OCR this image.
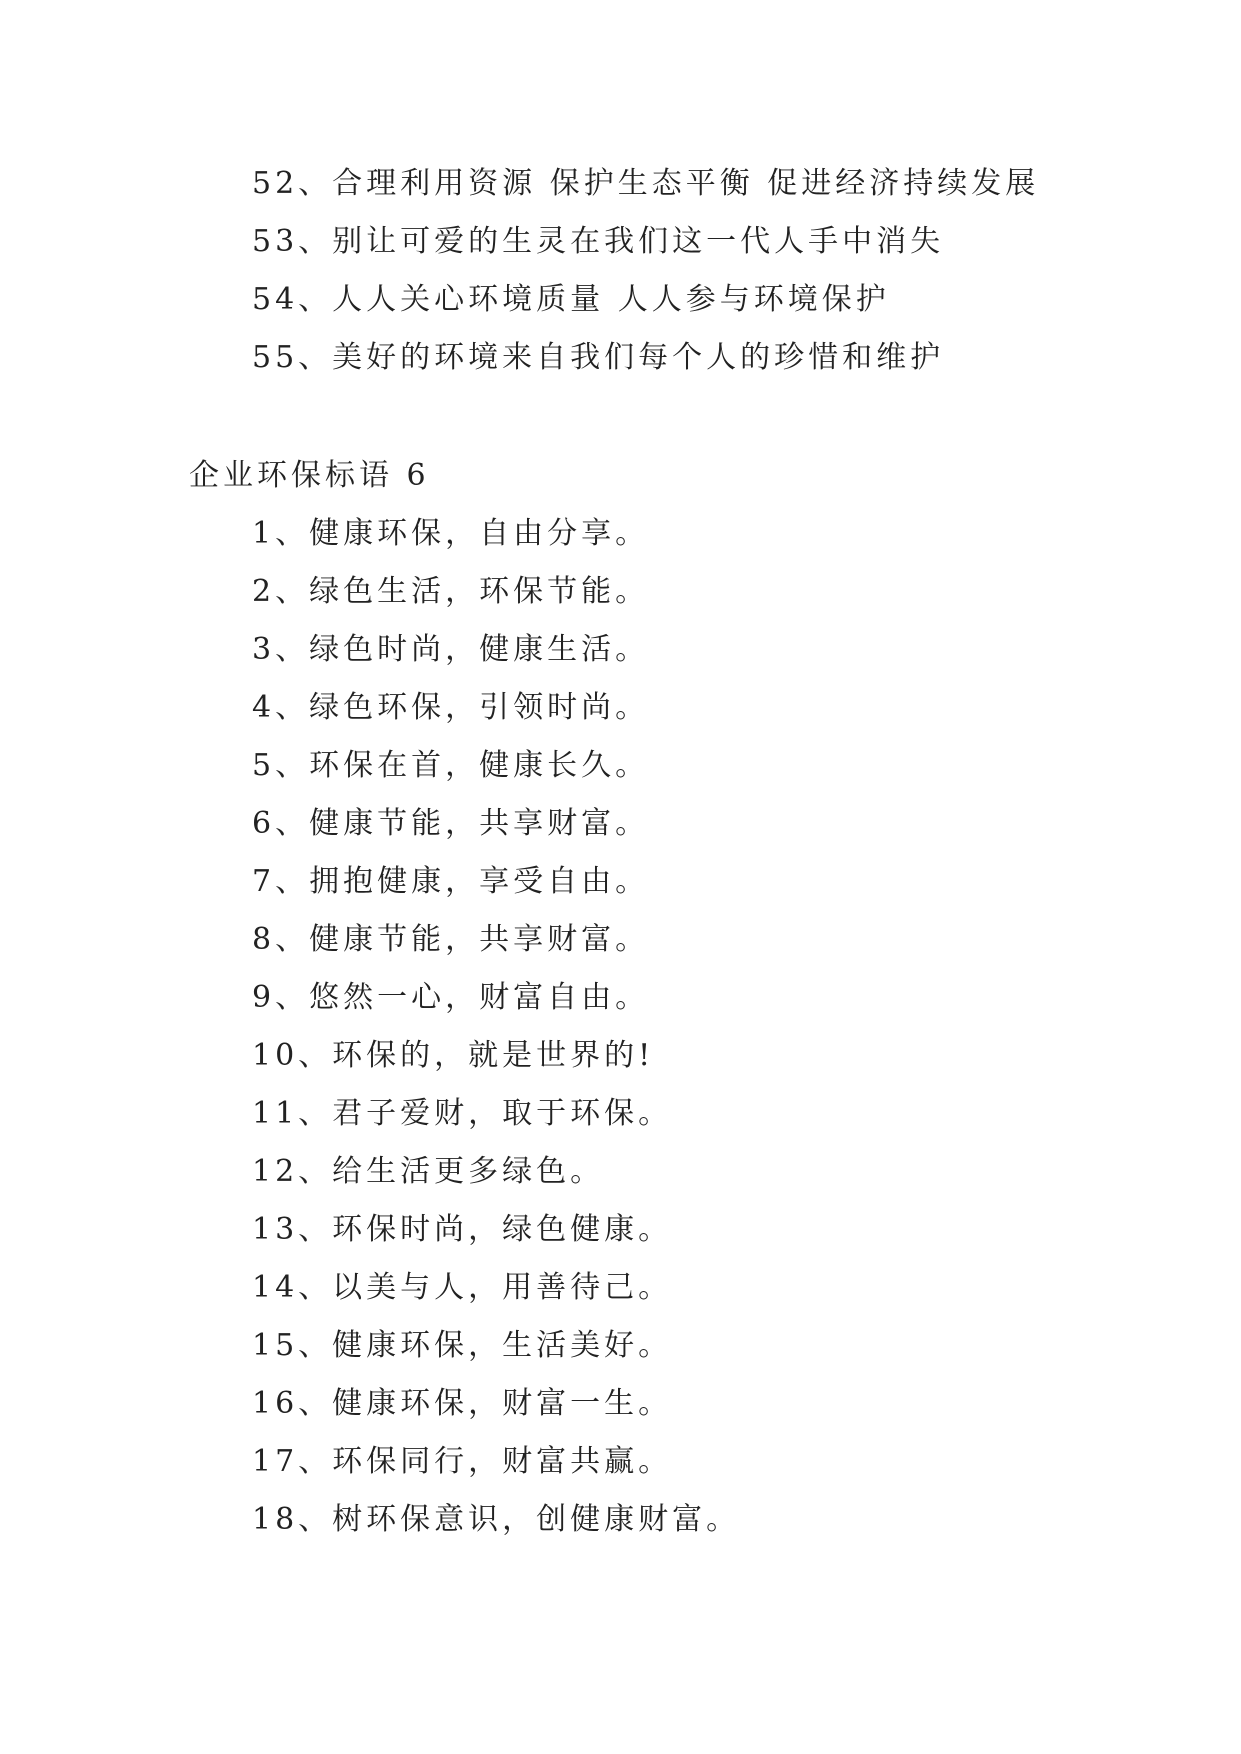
52、合理利用资源 保护生态平衡 促进经济持续发展
53、别让可爱的生灵在我们这一代人手中消失
54、人人关心环境质量 人人参与环境保护
55、美好的环境来自我们每个人的珍惜和维护
企业环保标语 6
1、健康环保，自由分享。
2、绿色生活，环保节能。
3、绿色时尚，健康生活。
4、绿色环保，引领时尚。
5、环保在首，健康长久。
6、健康节能，共享财富。
7、拥抱健康，享受自由。
8、健康节能，共享财富。
9、悠然一心，财富自由。
10、环保的，就是世界的!
11、君子爱财，取于环保。
12、给生活更多绿色。
13、环保时尚，绿色健康。
14、以美与人，用善待己。
15、健康环保，生活美好。
16、健康环保，财富一生。
17、环保同行，财富共赢。
18、树环保意识，创健康财富。
